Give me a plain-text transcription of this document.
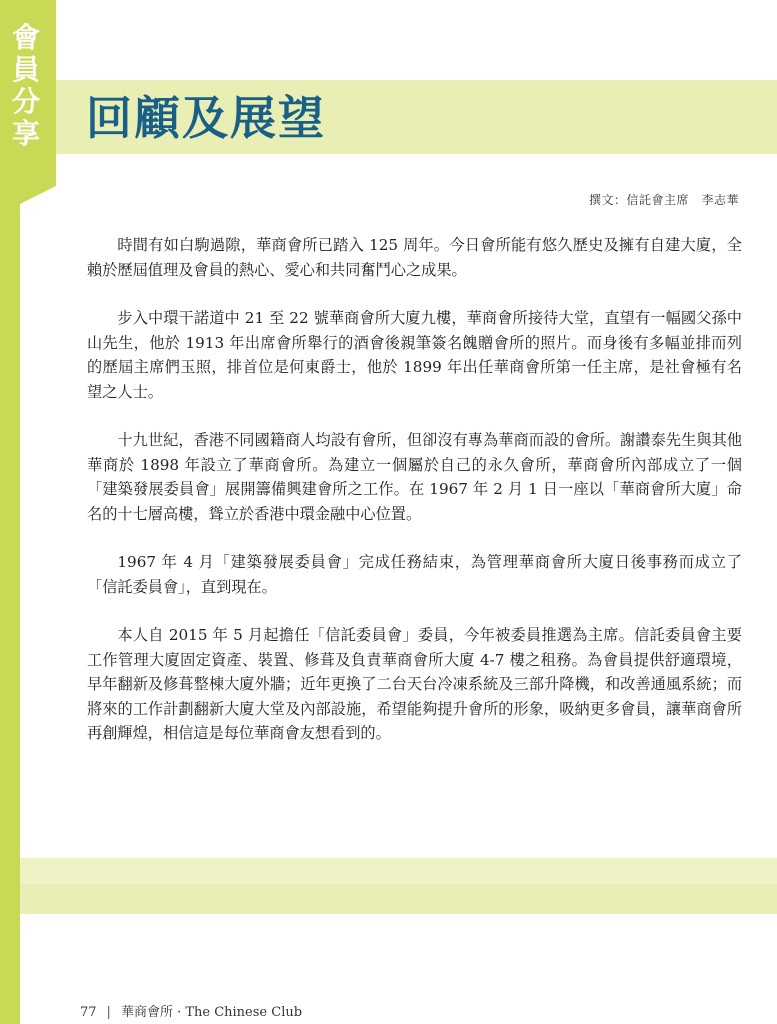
會
員
分
享 回顧及展望
撰文：信託會主席　李志華

時間有如白駒過隙，華商會所已踏入 125 周年。今日會所能有悠久歷史及擁有自建大廈，全賴於歷屆值理及會員的熱心、愛心和共同奮鬥心之成果。

步入中環干諾道中 21 至 22 號華商會所大廈九樓，華商會所接待大堂，直望有一幅國父孫中山先生，他於 1913 年出席會所舉行的酒會後親筆簽名餽贈會所的照片。而身後有多幅並排而列的歷屆主席們玉照，排首位是何東爵士，他於 1899 年出任華商會所第一任主席，是社會極有名望之人士。

十九世紀，香港不同國籍商人均設有會所，但卻沒有專為華商而設的會所。謝讚泰先生與其他華商於 1898 年設立了華商會所。為建立一個屬於自己的永久會所，華商會所內部成立了一個「建築發展委員會」展開籌備興建會所之工作。在 1967 年 2 月 1 日一座以「華商會所大廈」命名的十七層高樓，聳立於香港中環金融中心位置。

1967 年 4 月「建築發展委員會」完成任務結束，為管理華商會所大廈日後事務而成立了「信託委員會」，直到現在。

本人自 2015 年 5 月起擔任「信託委員會」委員，今年被委員推選為主席。信託委員會主要工作管理大廈固定資產、裝置、修葺及負責華商會所大廈 4-7 樓之租務。為會員提供舒適環境，早年翻新及修葺整棟大廈外牆；近年更換了二台天台冷凍系統及三部升降機，和改善通風系統；而將來的工作計劃翻新大廈大堂及內部設施，希望能夠提升會所的形象，吸納更多會員，讓華商會所再創輝煌，相信這是每位華商會友想看到的。

77 | 華商會所 · The Chinese Club
